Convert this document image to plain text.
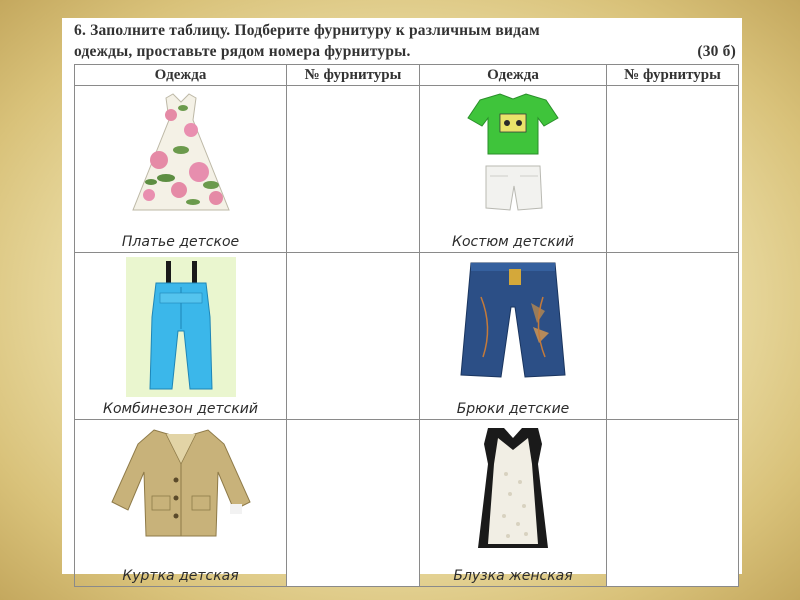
6. Заполните таблицу. Подберите фурнитуру к различным видам
одежды, проставьте рядом номера фурнитуры.	(30 б)
Одежда	№ фурнитуры	Одежда	№ фурнитуры

Платье детское		Костюм детский	

Комбинезон детский		Брюки детские	

Куртка детская		Блузка женская	
